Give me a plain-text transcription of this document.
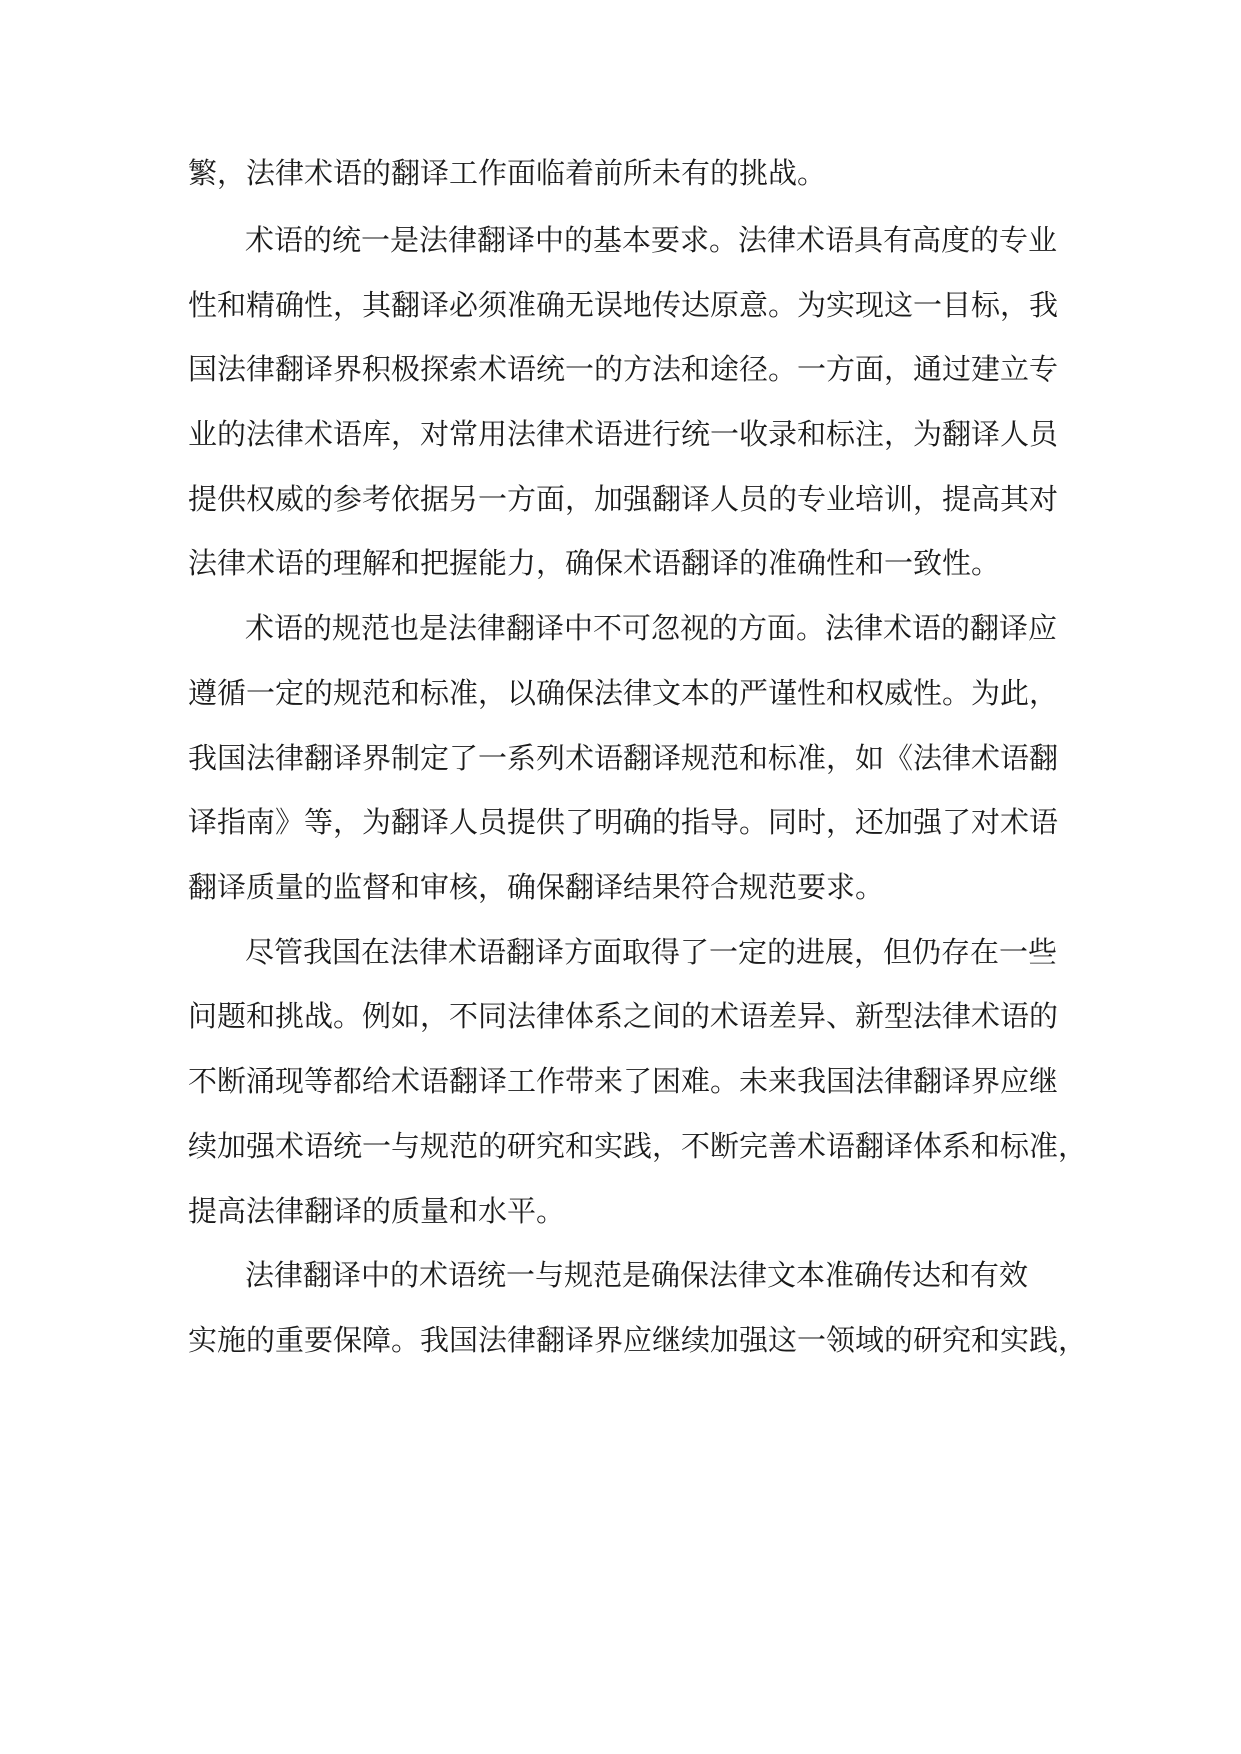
繁，法律术语的翻译工作面临着前所未有的挑战。
术语的统一是法律翻译中的基本要求。法律术语具有高度的专业
性和精确性，其翻译必须准确无误地传达原意。为实现这一目标，我
国法律翻译界积极探索术语统一的方法和途径。一方面，通过建立专
业的法律术语库，对常用法律术语进行统一收录和标注，为翻译人员
提供权威的参考依据另一方面，加强翻译人员的专业培训，提高其对
法律术语的理解和把握能力，确保术语翻译的准确性和一致性。
术语的规范也是法律翻译中不可忽视的方面。法律术语的翻译应
遵循一定的规范和标准，以确保法律文本的严谨性和权威性。为此，
我国法律翻译界制定了一系列术语翻译规范和标准，如《法律术语翻
译指南》等，为翻译人员提供了明确的指导。同时，还加强了对术语
翻译质量的监督和审核，确保翻译结果符合规范要求。
尽管我国在法律术语翻译方面取得了一定的进展，但仍存在一些
问题和挑战。例如，不同法律体系之间的术语差异、新型法律术语的
不断涌现等都给术语翻译工作带来了困难。未来我国法律翻译界应继
续加强术语统一与规范的研究和实践，不断完善术语翻译体系和标准，
提高法律翻译的质量和水平。
法律翻译中的术语统一与规范是确保法律文本准确传达和有效
实施的重要保障。我国法律翻译界应继续加强这一领域的研究和实践，
